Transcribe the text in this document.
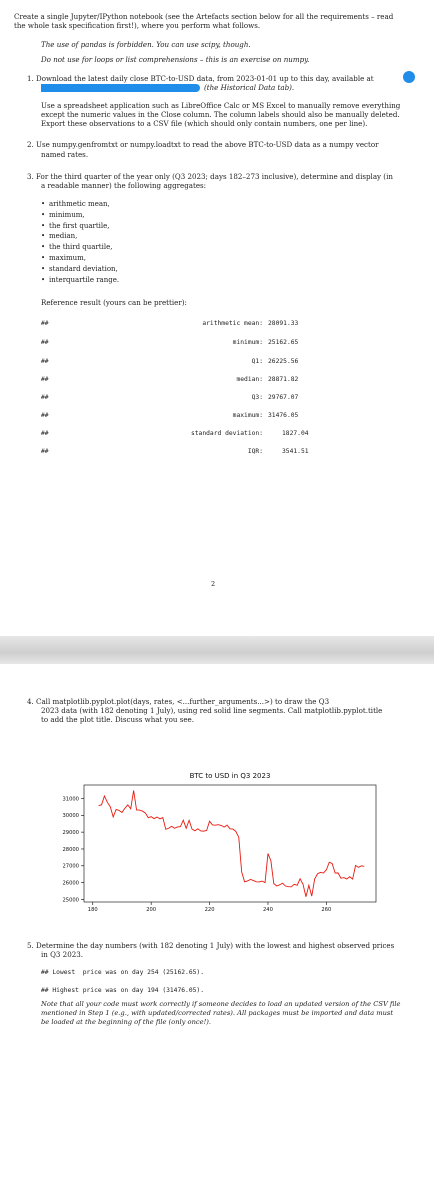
Create a single Jupyter/IPython notebook (see the Artefacts section below for all the requirements – read
the whole task specification first!), where you perform what follows.
The use of pandas is forbidden. You can use scipy, though.
Do not use for loops or list comprehensions – this is an exercise on numpy.
1. Download the latest daily close BTC-to-USD data, from 2023-01-01 up to this day, available at
(the Historical Data tab).
Use a spreadsheet application such as LibreOffice Calc or MS Excel to manually remove everything
except the numeric values in the Close column. The column labels should also be manually deleted.
Export these observations to a CSV file (which should only contain numbers, one per line).
2. Use numpy.genfromtxt or numpy.loadtxt to read the above BTC-to-USD data as a numpy vector
named rates.
3. For the third quarter of the year only (Q3 2023; days 182–273 inclusive), determine and display (in
a readable manner) the following aggregates:
• arithmetic mean,
• minimum,
• the first quartile,
• median,
• the third quartile,
• maximum,
• standard deviation,
• interquartile range.
Reference result (yours can be prettier):
##	arithmetic mean: 28091.33
##	minimum: 25162.65
##	Q1: 26225.56
##	median: 28871.82
##	Q3: 29767.07
##	maximum: 31476.05
##	standard deviation:	1827.04
##	IQR:	3541.51
2
4. Call matplotlib.pyplot.plot(days, rates, <...further_arguments...>) to draw the Q3
2023 data (with 182 denoting 1 July), using red solid line segments. Call matplotlib.pyplot.title
to add the plot title. Discuss what you see.
BTC to USD in Q3 2023
180	200	220	240	260
25000
26000
27000
28000
29000
30000
31000
5. Determine the day numbers (with 182 denoting 1 July) with the lowest and highest observed prices
in Q3 2023.
## Lowest  price was on day 254 (25162.65).
## Highest price was on day 194 (31476.05).
Note that all your code must work correctly if someone decides to load an updated version of the CSV file
mentioned in Step 1 (e.g., with updated/corrected rates). All packages must be imported and data must
be loaded at the beginning of the file (only once!).
